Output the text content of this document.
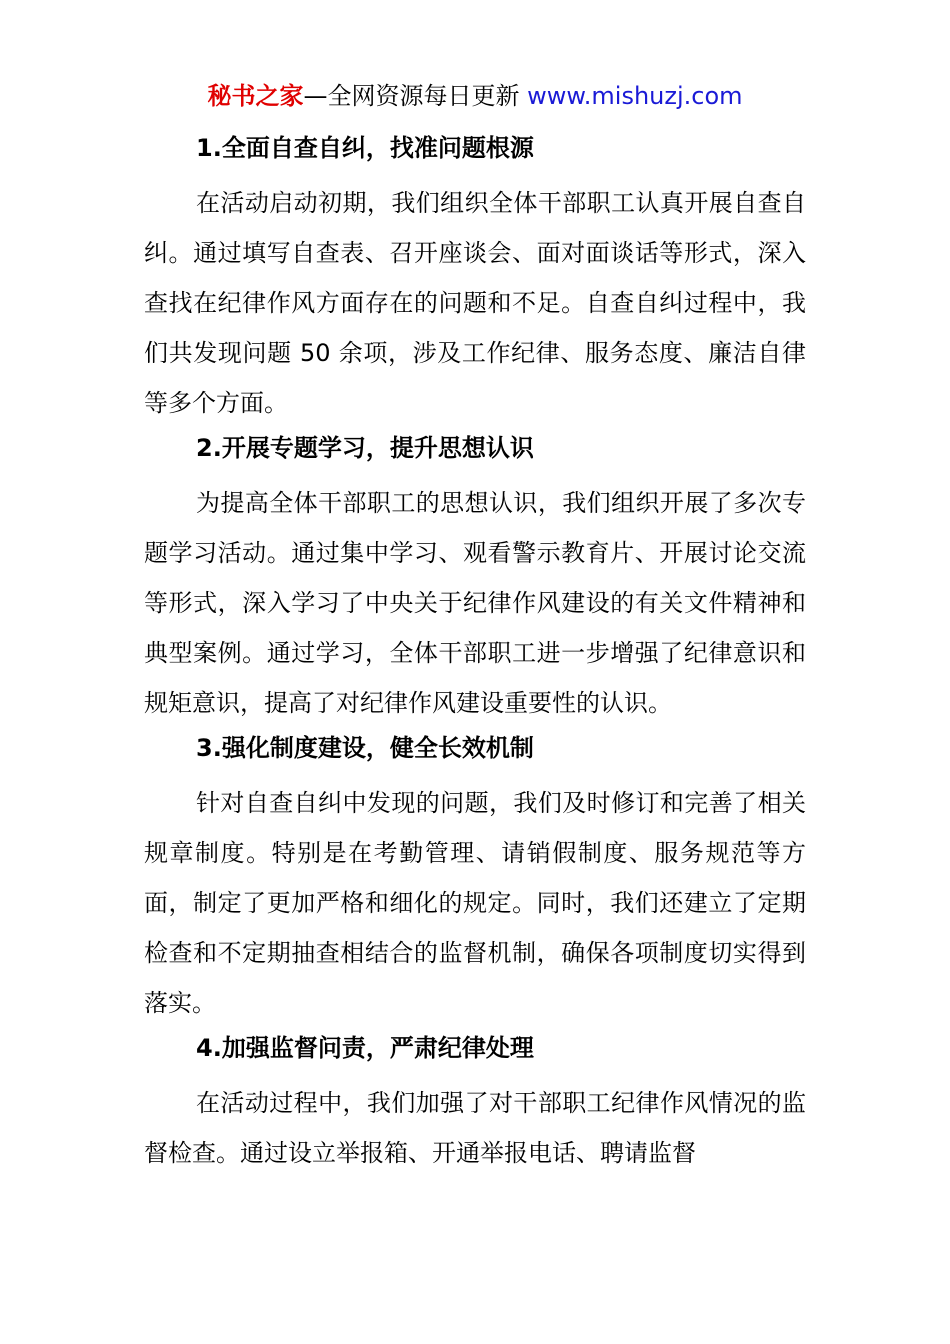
秘书之家—全网资源每日更新 www.mishuzj.com
1.全面自查自纠，找准问题根源
在活动启动初期，我们组织全体干部职工认真开展自查自纠。通过填写自查表、召开座谈会、面对面谈话等形式，深入查找在纪律作风方面存在的问题和不足。自查自纠过程中，我们共发现问题 50 余项，涉及工作纪律、服务态度、廉洁自律等多个方面。
2.开展专题学习，提升思想认识
为提高全体干部职工的思想认识，我们组织开展了多次专题学习活动。通过集中学习、观看警示教育片、开展讨论交流等形式，深入学习了中央关于纪律作风建设的有关文件精神和典型案例。通过学习，全体干部职工进一步增强了纪律意识和规矩意识，提高了对纪律作风建设重要性的认识。
3.强化制度建设，健全长效机制
针对自查自纠中发现的问题，我们及时修订和完善了相关规章制度。特别是在考勤管理、请销假制度、服务规范等方面，制定了更加严格和细化的规定。同时，我们还建立了定期检查和不定期抽查相结合的监督机制，确保各项制度切实得到落实。
4.加强监督问责，严肃纪律处理
在活动过程中，我们加强了对干部职工纪律作风情况的监督检查。通过设立举报箱、开通举报电话、聘请监督
